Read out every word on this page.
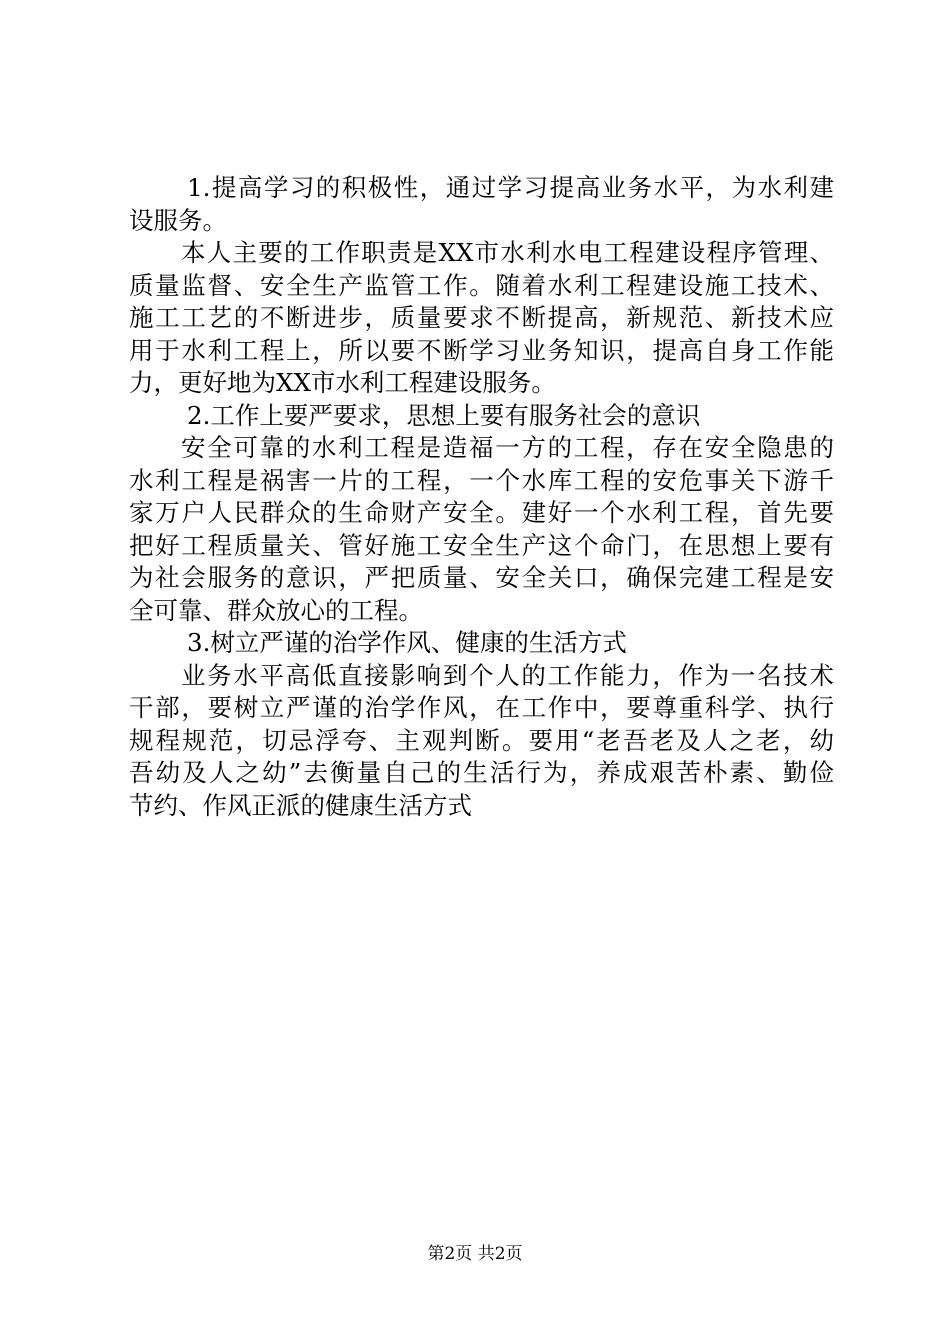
1.提高学习的积极性，通过学习提高业务水平，为水利建
设服务。
本人主要的工作职责是XX市水利水电工程建设程序管理、
质量监督、安全生产监管工作。随着水利工程建设施工技术、
施工工艺的不断进步，质量要求不断提高，新规范、新技术应
用于水利工程上，所以要不断学习业务知识，提高自身工作能
力，更好地为XX市水利工程建设服务。
2.工作上要严要求，思想上要有服务社会的意识
安全可靠的水利工程是造福一方的工程，存在安全隐患的
水利工程是祸害一片的工程，一个水库工程的安危事关下游千
家万户人民群众的生命财产安全。建好一个水利工程，首先要
把好工程质量关、管好施工安全生产这个命门，在思想上要有
为社会服务的意识，严把质量、安全关口，确保完建工程是安
全可靠、群众放心的工程。
3.树立严谨的治学作风、健康的生活方式
业务水平高低直接影响到个人的工作能力，作为一名技术
干部，要树立严谨的治学作风，在工作中，要尊重科学、执行
规程规范，切忌浮夸、主观判断。要用“老吾老及人之老，幼
吾幼及人之幼”去衡量自己的生活行为，养成艰苦朴素、勤俭
节约、作风正派的健康生活方式
第2页 共2页
